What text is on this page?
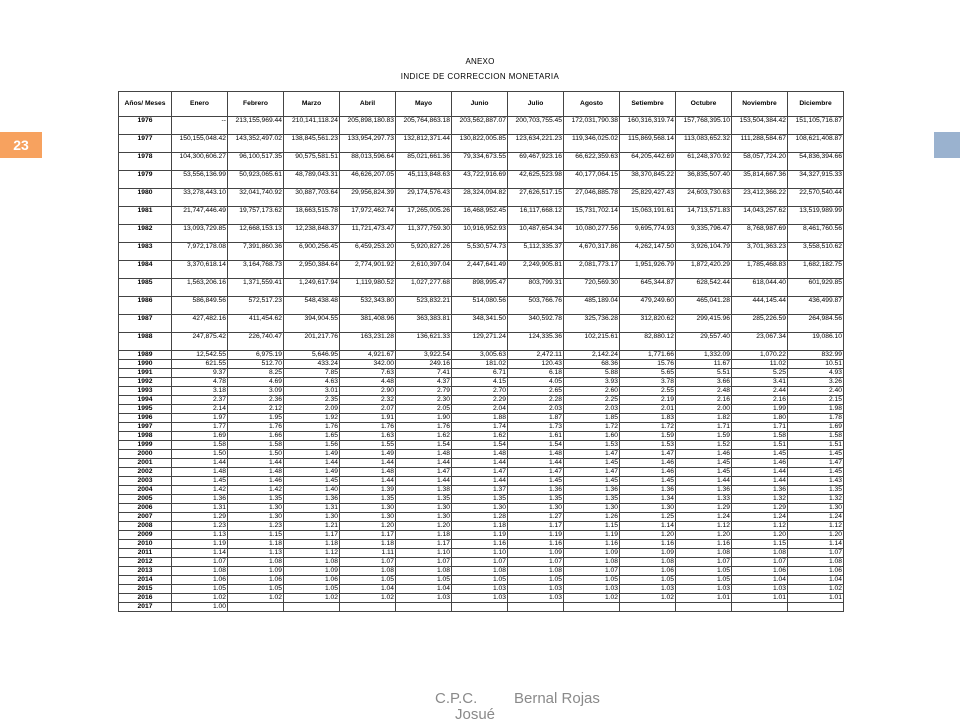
23
ANEXO
INDICE DE CORRECCION MONETARIA
Años/ Meses	Enero	Febrero	Marzo	Abril	Mayo	Junio	Julio	Agosto	Setiembre	Octubre	Noviembre	Diciembre
1976	--	213,155,969.44	210,141,118.24	205,898,180.83	205,764,863.18	203,562,887.07	200,703,755.45	172,031,790.38	160,316,319.74	157,768,395.10	153,504,384.42	151,105,716.87
1977	150,155,048.42	143,352,497.02	138,845,561.23	133,954,297.73	132,812,371.44	130,822,005.85	123,634,221.23	119,346,025.02	115,869,568.14	113,083,652.32	111,288,584.67	108,621,408.87
1978	104,300,606.27	96,100,517.35	90,575,581.51	88,013,596.64	85,021,661.36	79,334,673.55	69,467,923.16	66,622,359.63	64,205,442.69	61,248,370.92	58,057,724.20	54,836,394.66
1979	53,556,136.99	50,923,065.61	48,789,043.31	46,626,207.05	45,113,848.63	43,722,916.69	42,625,523.98	40,177,064.15	38,370,845.22	36,835,507.40	35,814,667.36	34,327,915.33
1980	33,278,443.10	32,041,740.92	30,887,703.64	29,956,824.39	29,174,576.43	28,324,094.82	27,626,517.15	27,046,885.78	25,829,427.43	24,603,730.63	23,412,366.22	22,570,540.44
1981	21,747,446.49	19,757,173.62	18,663,515.78	17,972,462.74	17,265,005.26	16,468,952.45	16,117,668.12	15,731,702.14	15,063,191.61	14,713,571.83	14,043,257.62	13,519,989.99
1982	13,093,729.85	12,668,153.13	12,238,848.37	11,721,473.47	11,377,759.30	10,916,952.93	10,487,654.34	10,080,277.56	9,695,774.93	9,335,796.47	8,768,987.69	8,461,760.56
1983	7,972,178.08	7,391,860.36	6,900,256.45	6,459,253.20	5,920,827.26	5,530,574.73	5,112,335.37	4,670,317.86	4,262,147.50	3,926,104.79	3,701,363.23	3,558,510.62
1984	3,370,618.14	3,164,768.73	2,950,384.64	2,774,901.92	2,610,397.04	2,447,641.49	2,249,905.81	2,081,773.17	1,951,926.79	1,872,420.29	1,785,468.83	1,682,182.75
1985	1,563,206.16	1,371,559.41	1,249,617.94	1,119,980.52	1,027,277.68	898,995.47	803,799.31	720,569.30	645,344.87	628,542.44	618,044.40	601,929.85
1986	586,849.56	572,517.23	548,438.48	532,343.80	523,832.21	514,080.56	503,766.76	485,189.04	479,249.60	465,041.28	444,145.44	436,499.87
1987	427,482.16	411,454.62	394,904.55	381,408.96	363,383.81	348,341.50	340,592.78	325,736.28	312,820.62	299,415.96	285,226.59	264,984.56
1988	247,875.42	226,740.47	201,217.76	163,231.28	136,621.33	129,271.24	124,335.36	102,215.61	82,880.12	29,557.40	23,067.34	19,086.10
1989	12,542.55	6,975.19	5,646.95	4,921.67	3,922.54	3,005.63	2,472.11	2,142.24	1,771.66	1,332.09	1,070.22	832.99
1990	621.55	512.70	433.24	342.00	249.16	181.02	120.43	68.36	15.76	11.67	11.02	10.51
1991	9.37	8.25	7.85	7.63	7.41	6.71	6.18	5.88	5.65	5.51	5.25	4.93
1992	4.78	4.69	4.63	4.48	4.37	4.15	4.05	3.93	3.78	3.66	3.41	3.26
1993	3.18	3.09	3.01	2.90	2.79	2.70	2.65	2.60	2.55	2.48	2.44	2.40
1994	2.37	2.36	2.35	2.32	2.30	2.29	2.28	2.25	2.19	2.16	2.16	2.15
1995	2.14	2.12	2.09	2.07	2.05	2.04	2.03	2.03	2.01	2.00	1.99	1.98
1996	1.97	1.95	1.92	1.91	1.90	1.88	1.87	1.85	1.83	1.82	1.80	1.78
1997	1.77	1.76	1.76	1.76	1.76	1.74	1.73	1.72	1.72	1.71	1.71	1.69
1998	1.69	1.66	1.65	1.63	1.62	1.62	1.61	1.60	1.59	1.59	1.58	1.58
1999	1.58	1.58	1.56	1.55	1.54	1.54	1.54	1.53	1.53	1.52	1.51	1.51
2000	1.50	1.50	1.49	1.49	1.48	1.48	1.48	1.47	1.47	1.46	1.45	1.45
2001	1.44	1.44	1.44	1.44	1.44	1.44	1.44	1.45	1.46	1.45	1.46	1.47
2002	1.48	1.48	1.49	1.48	1.47	1.47	1.47	1.47	1.46	1.45	1.44	1.45
2003	1.45	1.46	1.45	1.44	1.44	1.44	1.45	1.45	1.45	1.44	1.44	1.43
2004	1.42	1.42	1.40	1.39	1.38	1.37	1.36	1.36	1.36	1.36	1.36	1.35
2005	1.36	1.35	1.36	1.35	1.35	1.35	1.35	1.35	1.34	1.33	1.32	1.32
2006	1.31	1.30	1.31	1.30	1.30	1.30	1.30	1.30	1.30	1.29	1.29	1.30
2007	1.29	1.30	1.30	1.30	1.30	1.28	1.27	1.26	1.25	1.24	1.24	1.24
2008	1.23	1.23	1.21	1.20	1.20	1.18	1.17	1.15	1.14	1.12	1.12	1.12
2009	1.13	1.15	1.17	1.17	1.18	1.19	1.19	1.19	1.20	1.20	1.20	1.20
2010	1.19	1.18	1.18	1.18	1.17	1.16	1.16	1.16	1.16	1.16	1.15	1.14
2011	1.14	1.13	1.12	1.11	1.10	1.10	1.09	1.09	1.09	1.08	1.08	1.07
2012	1.07	1.08	1.08	1.07	1.07	1.07	1.07	1.08	1.08	1.07	1.07	1.08
2013	1.08	1.09	1.09	1.08	1.08	1.08	1.08	1.07	1.06	1.05	1.06	1.06
2014	1.06	1.06	1.06	1.05	1.05	1.05	1.05	1.05	1.05	1.05	1.04	1.04
2015	1.05	1.05	1.05	1.04	1.04	1.03	1.03	1.03	1.03	1.03	1.03	1.02
2016	1.02	1.02	1.02	1.02	1.03	1.03	1.03	1.02	1.02	1.01	1.01	1.01
2017	1.00											
C.P.C. Bernal Rojas
Josué
